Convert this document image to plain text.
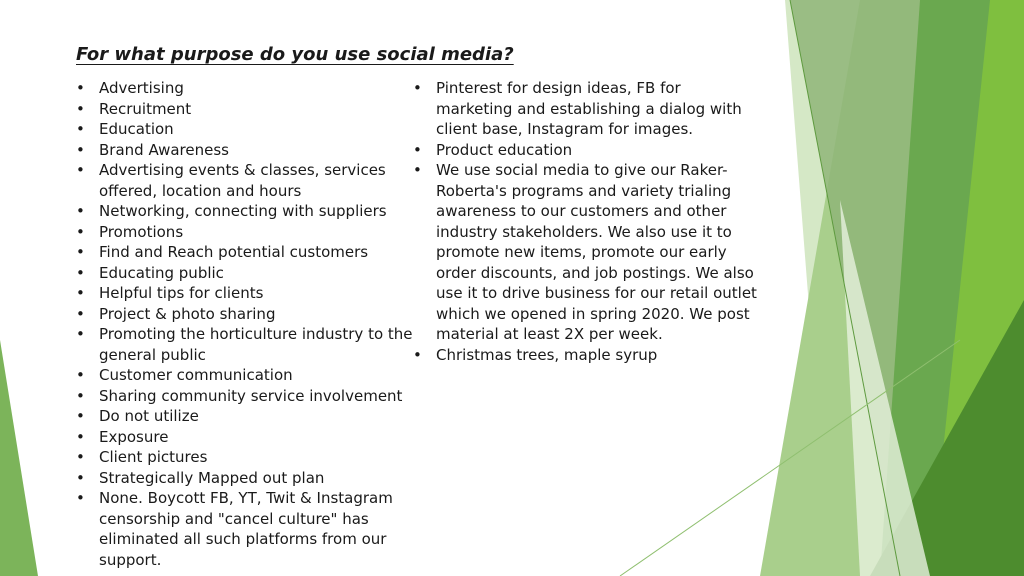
For what purpose do you use social media?
• Advertising
• Recruitment
• Education
• Brand Awareness
• Advertising events & classes, services offered, location and hours
• Networking, connecting with suppliers
• Promotions
• Find and Reach potential customers
• Educating public
• Helpful tips for clients
• Project & photo sharing
• Promoting the horticulture industry to the general public
• Customer communication
• Sharing community service involvement
• Do not utilize
• Exposure
• Client pictures
• Strategically Mapped out plan
• None. Boycott FB, YT, Twit & Instagram censorship and "cancel culture" has eliminated all such platforms from our support.
• Pinterest for design ideas, FB for marketing and establishing a dialog with client base, Instagram for images.
• Product education
• We use social media to give our Raker-Roberta's programs and variety trialing awareness to our customers and other industry stakeholders. We also use it to promote new items, promote our early order discounts, and job postings. We also use it to drive business for our retail outlet which we opened in spring 2020. We post material at least 2X per week.
• Christmas trees, maple syrup
